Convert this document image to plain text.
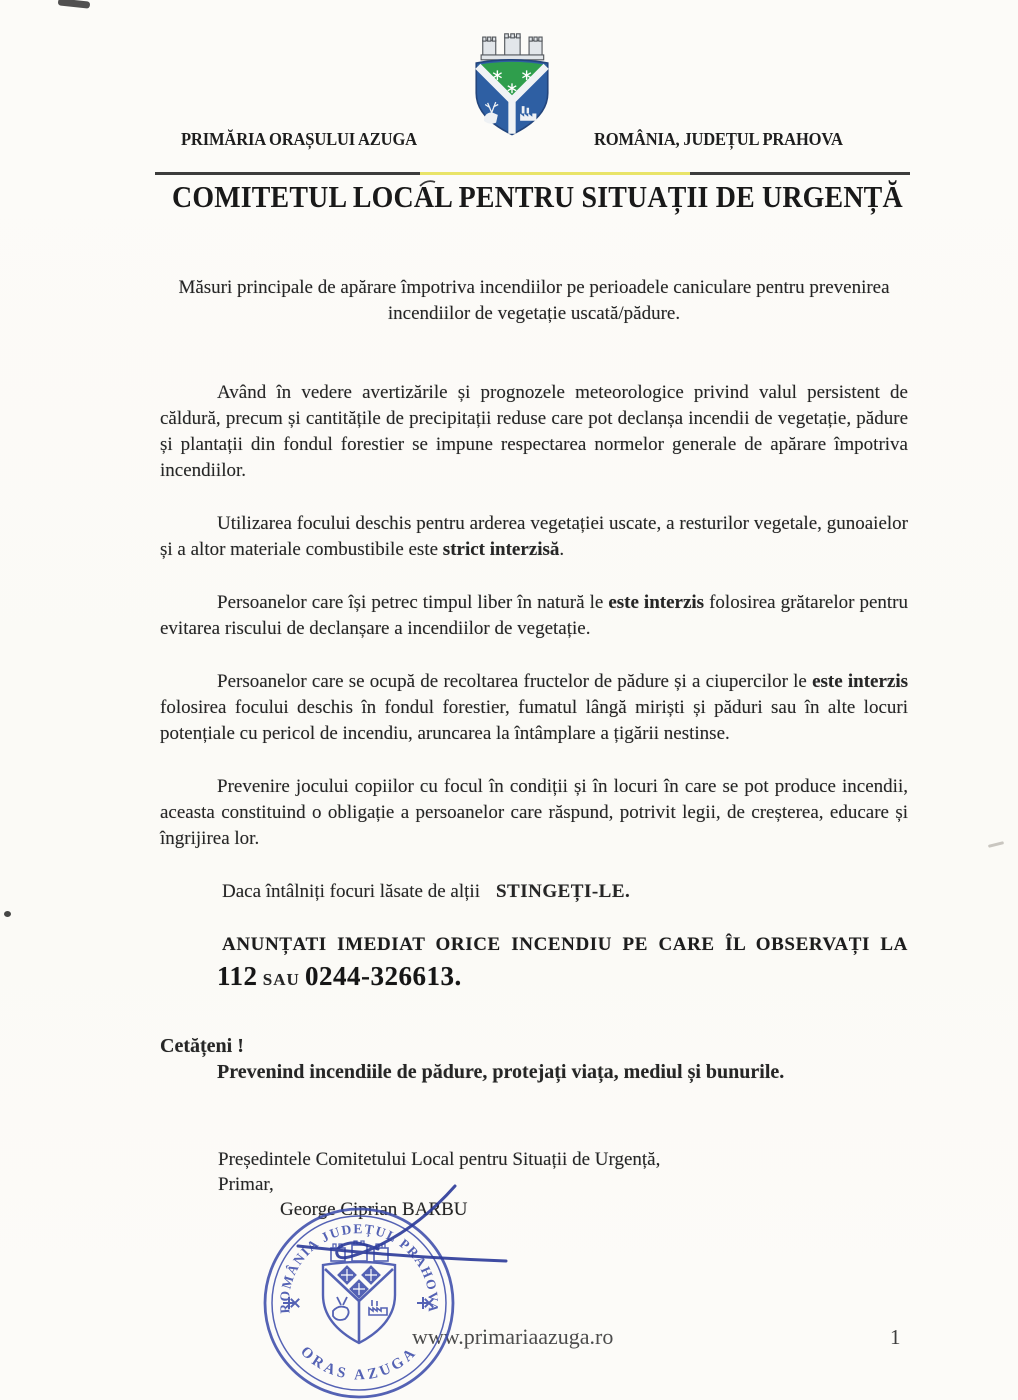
PRIMĂRIA ORAȘULUI AZUGA	ROMÂNIA, JUDEȚUL PRAHOVA
COMITETUL LOCAL PENTRU SITUAȚII DE URGENȚĂ

Măsuri principale de apărare împotriva incendiilor pe perioadele caniculare pentru prevenirea incendiilor de vegetație uscată/pădure.

Având în vedere avertizările și prognozele meteorologice privind valul persistent de căldură, precum și cantitățile de precipitații reduse care pot declanșa incendii de vegetație, pădure și plantații din fondul forestier se impune respectarea normelor generale de apărare împotriva incendiilor.

Utilizarea focului deschis pentru arderea vegetației uscate, a resturilor vegetale, gunoaielor și a altor materiale combustibile este strict interzisă.

Persoanelor care își petrec timpul liber în natură le este interzis folosirea grătarelor pentru evitarea riscului de declanșare a incendiilor de vegetație.

Persoanelor care se ocupă de recoltarea fructelor de pădure și a ciupercilor le este interzis folosirea focului deschis în fondul forestier, fumatul lângă miriști și păduri sau în alte locuri potențiale cu pericol de incendiu, aruncarea la întâmplare a țigării nestinse.

Prevenire jocului copiilor cu focul în condiții și în locuri în care se pot produce incendii, aceasta constituind o obligație a persoanelor care răspund, potrivit legii, de creșterea, educare și îngrijirea lor.

Daca întâlniți focuri lăsate de alții STINGEȚI-LE.

ANUNȚATI IMEDIAT ORICE INCENDIU PE CARE ÎL OBSERVAȚI LA

112 SAU 0244-326613.

Cetățeni !

Prevenind incendiile de pădure, protejați viața, mediul și bunurile.

Președintele Comitetului Local pentru Situații de Urgență,

Primar,

George Ciprian BARBU

www.primariaazuga.ro	1
ROMÂNIA JUDEȚUL PRAHOVA
ORAS AZUGA
